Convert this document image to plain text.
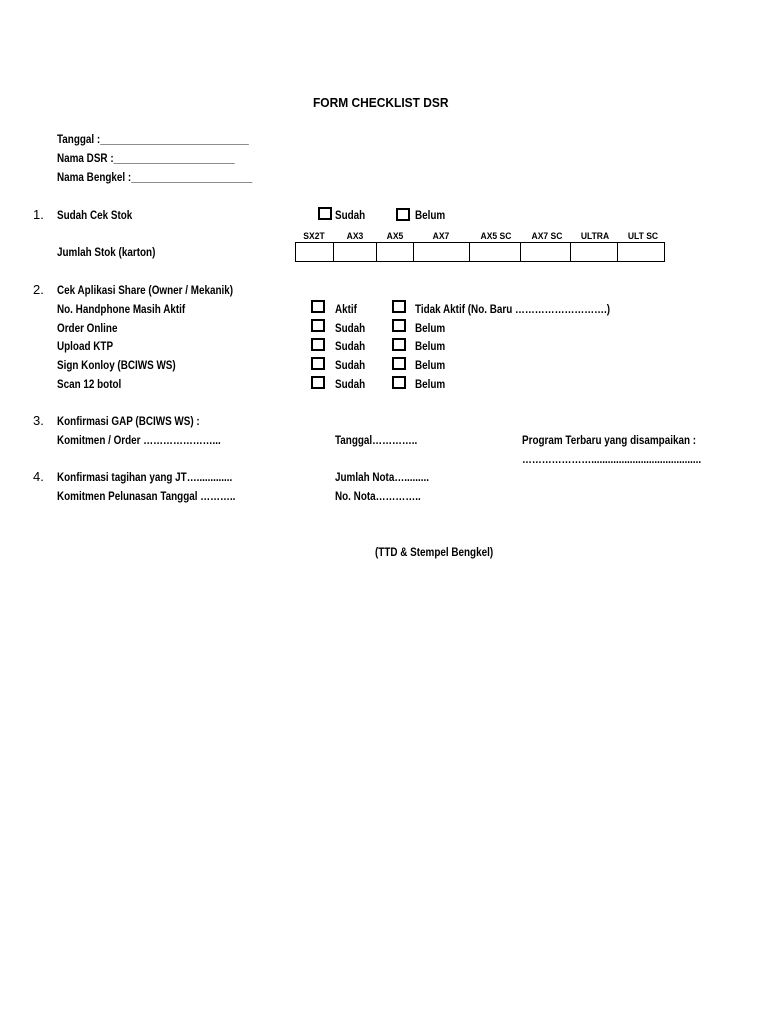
FORM CHECKLIST DSR
Tanggal :___________________________
Nama DSR :______________________
Nama Bengkel :______________________
1. Sudah Cek Stok	Sudah	Belum
SX2T	AX3	AX5	AX7	AX5 SC	AX7 SC	ULTRA	ULT SC
Jumlah Stok (karton)

2. Cek Aplikasi Share (Owner / Mekanik)
No. Handphone Masih Aktif	Aktif	Tidak Aktif (No. Baru ……………………….)
Order Online	Sudah	Belum
Upload KTP	Sudah	Belum
Sign Konloy (BCIWS WS)	Sudah	Belum
Scan 12 botol	Sudah	Belum
3. Konfirmasi GAP (BCIWS WS) :
Komitmen / Order …………………...	Tanggal…………..	Program Terbaru yang disampaikan :
…………………........................................
4. Konfirmasi tagihan yang JT….............	Jumlah Nota….........
Komitmen Pelunasan Tanggal ………..	No. Nota…………..
(TTD & Stempel Bengkel)
